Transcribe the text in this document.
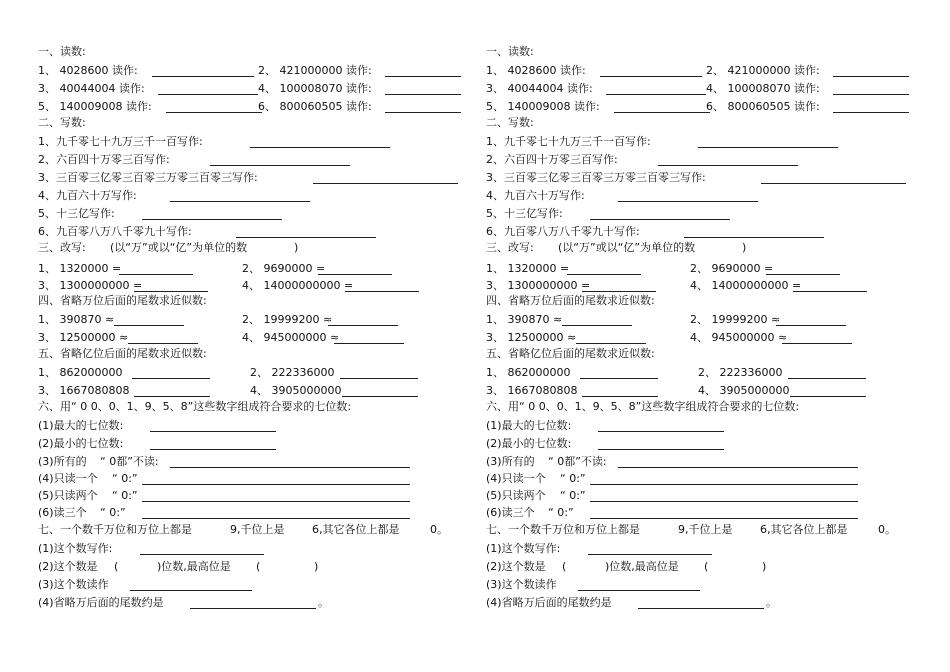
一、读数:
1、 4028600 读作:	2、 421000000 读作:
3、 40044004 读作:	4、 100008070 读作:
5、 140009008 读作:	6、 800060505 读作:
二、写数:
1、九千零七十九万三千一百写作:
2、六百四十万零三百写作:
3、三百零三亿零三百零三万零三百零三写作:
4、九百六十万写作:
5、十三亿写作:
6、九百零八万八千零九十写作:
三、改写: (以“万”或以“亿”为单位的数	)
1、 1320000 =	2、 9690000 =
3、 1300000000 =	4、 14000000000 =
四、省略万位后面的尾数求近似数:
1、 390870 ≈	2、 19999200 ≈
3、 12500000 ≈	4、 945000000 ≈
五、省略亿位后面的尾数求近似数:
1、 862000000	2、 222336000
3、 1667080808	4、 3905000000
六、用“ 0 0、0、1、9、5、8”这些数字组成符合要求的七位数:
(1)最大的七位数:
(2)最小的七位数:
(3)所有的 “ 0都”不读:
(4)只读一个 “ 0:”
(5)只读两个 “ 0:”
(6)读三个 “ 0:”
七、一个数千万位和万位上都是	9,千位上是	6,其它各位上都是	0。
(1)这个数写作:
(2)这个数是 (	)位数,最高位是 (	)
(3)这个数读作
(4)省略万后面的尾数约是	。
一、读数:
1、 4028600 读作:	2、 421000000 读作:
3、 40044004 读作:	4、 100008070 读作:
5、 140009008 读作:	6、 800060505 读作:
二、写数:
1、九千零七十九万三千一百写作:
2、六百四十万零三百写作:
3、三百零三亿零三百零三万零三百零三写作:
4、九百六十万写作:
5、十三亿写作:
6、九百零八万八千零九十写作:
三、改写: (以“万”或以“亿”为单位的数	)
1、 1320000 =	2、 9690000 =
3、 1300000000 =	4、 14000000000 =
四、省略万位后面的尾数求近似数:
1、 390870 ≈	2、 19999200 ≈
3、 12500000 ≈	4、 945000000 ≈
五、省略亿位后面的尾数求近似数:
1、 862000000	2、 222336000
3、 1667080808	4、 3905000000
六、用“ 0 0、0、1、9、5、8”这些数字组成符合要求的七位数:
(1)最大的七位数:
(2)最小的七位数:
(3)所有的 “ 0都”不读:
(4)只读一个 “ 0:”
(5)只读两个 “ 0:”
(6)读三个 “ 0:”
七、一个数千万位和万位上都是	9,千位上是	6,其它各位上都是	0。
(1)这个数写作:
(2)这个数是 (	)位数,最高位是 (	)
(3)这个数读作
(4)省略万后面的尾数约是	。
